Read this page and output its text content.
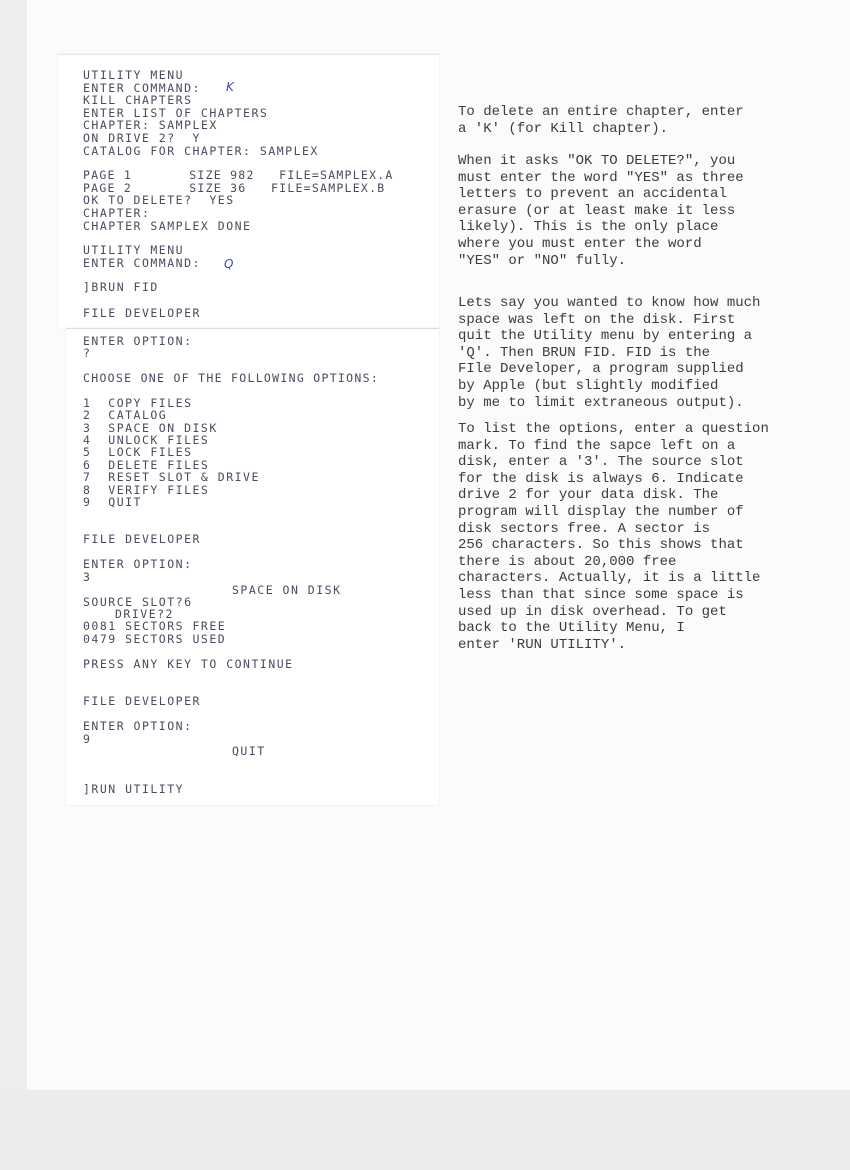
UTILITY MENU
ENTER COMMAND: K
KILL CHAPTERS
ENTER LIST OF CHAPTERS
CHAPTER: SAMPLEX
ON DRIVE 2?  Y
CATALOG FOR CHAPTER: SAMPLEX
PAGE 1       SIZE 982   FILE=SAMPLEX.A
PAGE 2       SIZE 36   FILE=SAMPLEX.B
OK TO DELETE?  YES
CHAPTER:
CHAPTER SAMPLEX DONE
UTILITY MENU
ENTER COMMAND: Q
]BRUN FID
FILE DEVELOPER
ENTER OPTION:
?
CHOOSE ONE OF THE FOLLOWING OPTIONS:
1  COPY FILES
2  CATALOG
3  SPACE ON DISK
4  UNLOCK FILES
5  LOCK FILES
6  DELETE FILES
7  RESET SLOT & DRIVE
8  VERIFY FILES
9  QUIT
FILE DEVELOPER
ENTER OPTION:
3
SPACE ON DISK
SOURCE SLOT?6
DRIVE?2
0081 SECTORS FREE
0479 SECTORS USED
PRESS ANY KEY TO CONTINUE
FILE DEVELOPER
ENTER OPTION:
9
QUIT
]RUN UTILITY

To delete an entire chapter, enter
a 'K' (for Kill chapter).

When it asks "OK TO DELETE?", you
must enter the word "YES" as three
letters to prevent an accidental
erasure (or at least make it less
likely). This is the only place
where you must enter the word
"YES" or "NO" fully.

Lets say you wanted to know how much
space was left on the disk. First
quit the Utility menu by entering a
'Q'. Then BRUN FID. FID is the
FIle Developer, a program supplied
by Apple (but slightly modified
by me to limit extraneous output).

To list the options, enter a question
mark. To find the sapce left on a
disk, enter a '3'. The source slot
for the disk is always 6. Indicate
drive 2 for your data disk. The
program will display the number of
disk sectors free. A sector is
256 characters. So this shows that
there is about 20,000 free
characters. Actually, it is a little
less than that since some space is
used up in disk overhead. To get
back to the Utility Menu, I
enter 'RUN UTILITY'.
